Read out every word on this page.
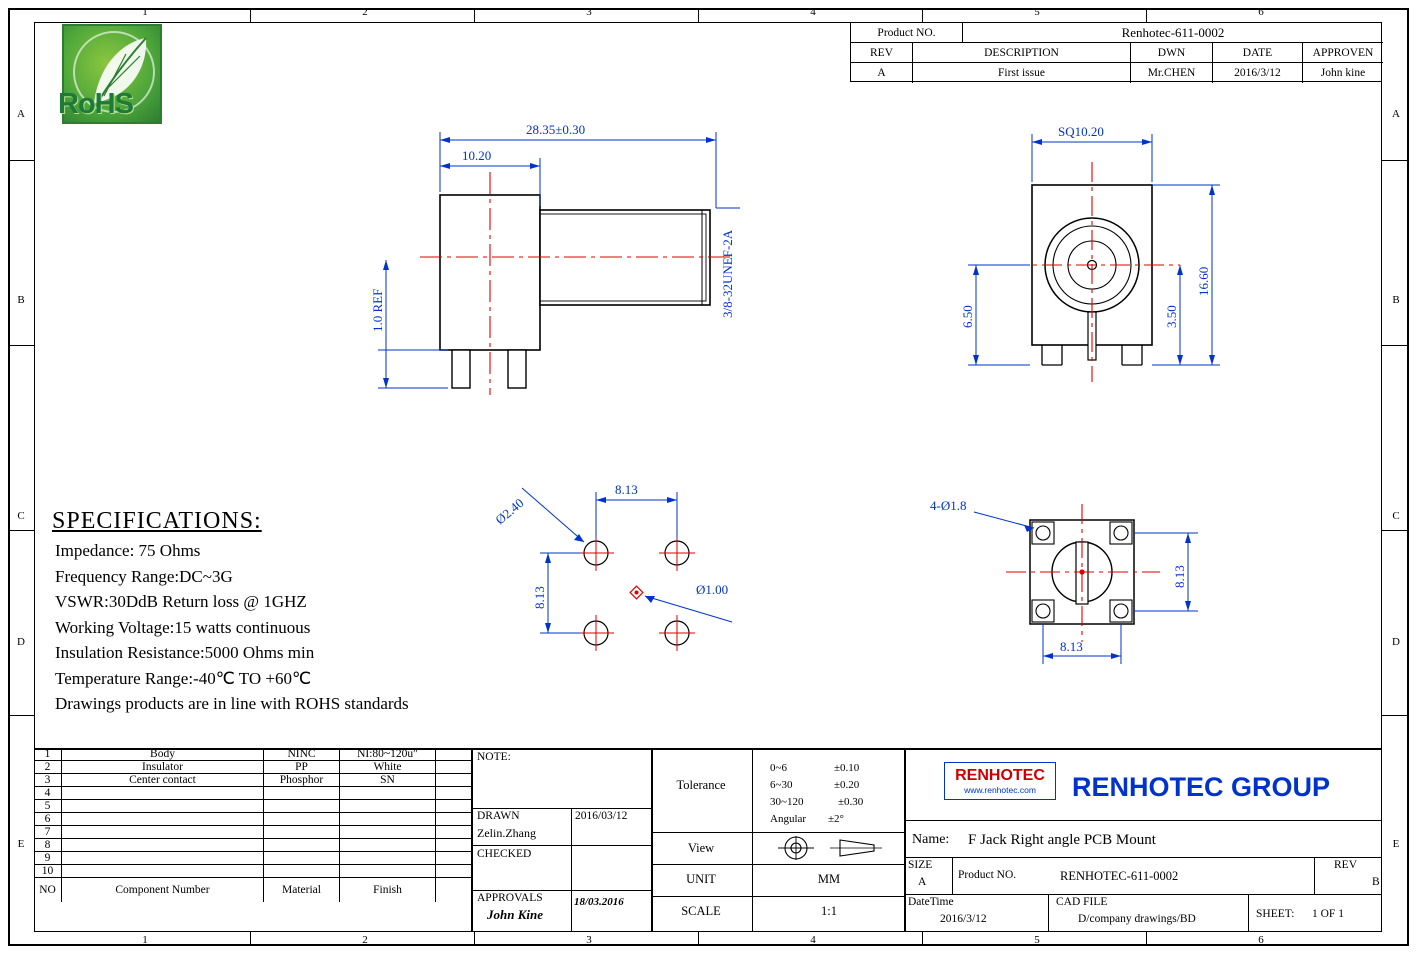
1	2	3	4	5	6
1	2	3	4	5	6
A
B
C
D
E
A
B
C
D
E
RoHS
Product NO.	Renhotec-611-0002
REV	DESCRIPTION	DWN	DATE	APPROVEN
A	First issue	Mr.CHEN	2016/3/12	John kine
28.35±0.30
10.20
1.0 REF	3/8-32UNEF-2A
SQ10.20
16.60
3.50
6.50
8.13
8.13
Ø2.40
Ø1.00
4-Ø1.8
8.13
8.13
SPECIFICATIONS:
Impedance: 75 Ohms
Frequency Range:DC~3G
VSWR:30DdB Return loss @ 1GHZ
Working Voltage:15 watts continuous
Insulation Resistance:5000 Ohms min
Temperature Range:-40℃ TO +60℃
Drawings products are in line with ROHS standards
1	Body	NINC	NI:80~120u″
2	Insulator	PP	White
3	Center contact	Phosphor	SN
4
5
6
7
8
9
10
NO	Component Number	Material	Finish
NOTE:
DRAWN
Zelin.Zhang
2016/03/12
CHECKED
APPROVALS
John Kine
18/03.2016
Tolerance
0~6	±0.10
6~30	±0.20
30~120	±0.30
Angular ±2°
View
UNIT	MM
SCALE	1:1
RENHOTEC
www.renhotec.com RENHOTEC GROUP
Name: F Jack Right angle PCB Mount
SIZE
A
Product NO.	RENHOTEC-611-0002
REV
B
DateTime
2016/3/12
CAD FILE
D/company drawings/BD	SHEET: 1 OF 1
